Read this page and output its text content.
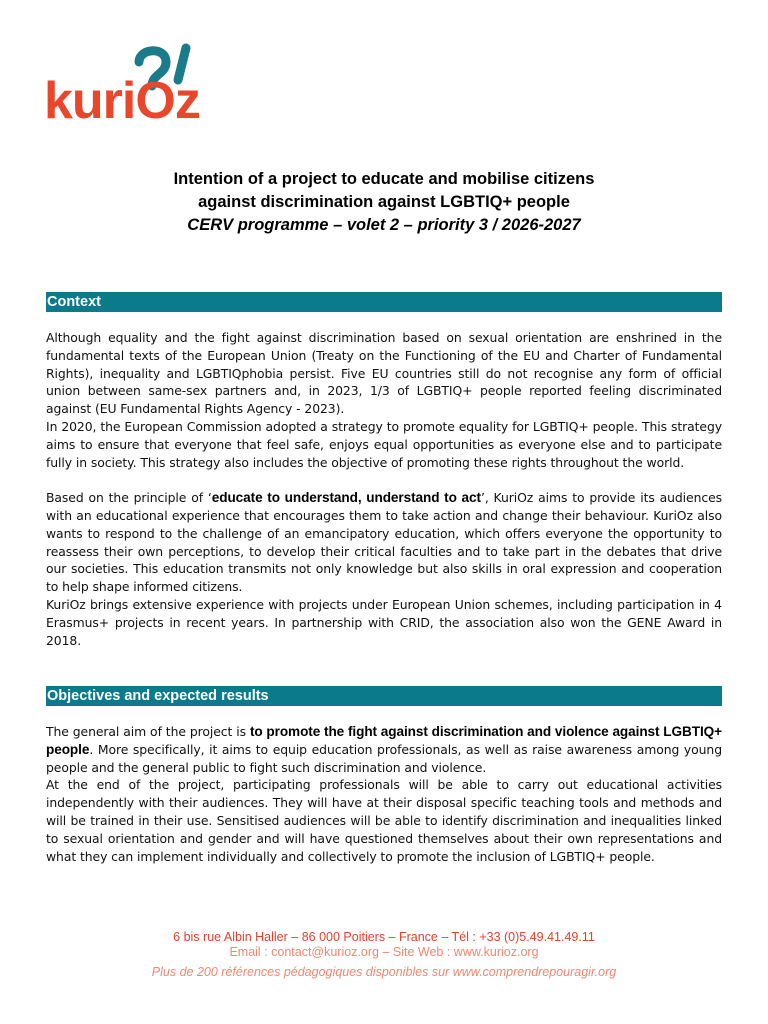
kuriOz
Intention of a project to educate and mobilise citizens
against discrimination against LGBTIQ+ people
CERV programme – volet 2 – priority 3 / 2026-2027
Context

Although equality and the fight against discrimination based on sexual orientation are enshrined in the fundamental texts of the European Union (Treaty on the Functioning of the EU and Charter of Fundamental Rights), inequality and LGBTIQphobia persist. Five EU countries still do not recognise any form of official union between same-sex partners and, in 2023, 1/3 of LGBTIQ+ people reported feeling discriminated against (EU Fundamental Rights Agency - 2023).

In 2020, the European Commission adopted a strategy to promote equality for LGBTIQ+ people. This strategy aims to ensure that everyone that feel safe, enjoys equal opportunities as everyone else and to participate fully in society. This strategy also includes the objective of promoting these rights throughout the world.

Based on the principle of ‘educate to understand, understand to act’, KuriOz aims to provide its audiences with an educational experience that encourages them to take action and change their behaviour. KuriOz also wants to respond to the challenge of an emancipatory education, which offers everyone the opportunity to reassess their own perceptions, to develop their critical faculties and to take part in the debates that drive our societies. This education transmits not only knowledge but also skills in oral expression and cooperation to help shape informed citizens.

KuriOz brings extensive experience with projects under European Union schemes, including participation in 4 Erasmus+ projects in recent years. In partnership with CRID, the association also won the GENE Award in 2018.

Objectives and expected results

The general aim of the project is to promote the fight against discrimination and violence against LGBTIQ+ people. More specifically, it aims to equip education professionals, as well as raise awareness among young people and the general public to fight such discrimination and violence.

At the end of the project, participating professionals will be able to carry out educational activities independently with their audiences. They will have at their disposal specific teaching tools and methods and will be trained in their use. Sensitised audiences will be able to identify discrimination and inequalities linked to sexual orientation and gender and will have questioned themselves about their own representations and what they can implement individually and collectively to promote the inclusion of LGBTIQ+ people.

6 bis rue Albin Haller – 86 000 Poitiers – France – Tél : +33 (0)5.49.41.49.11
Email : contact@kurioz.org – Site Web : www.kurioz.org
Plus de 200 références pédagogiques disponibles sur www.comprendrepouragir.org
